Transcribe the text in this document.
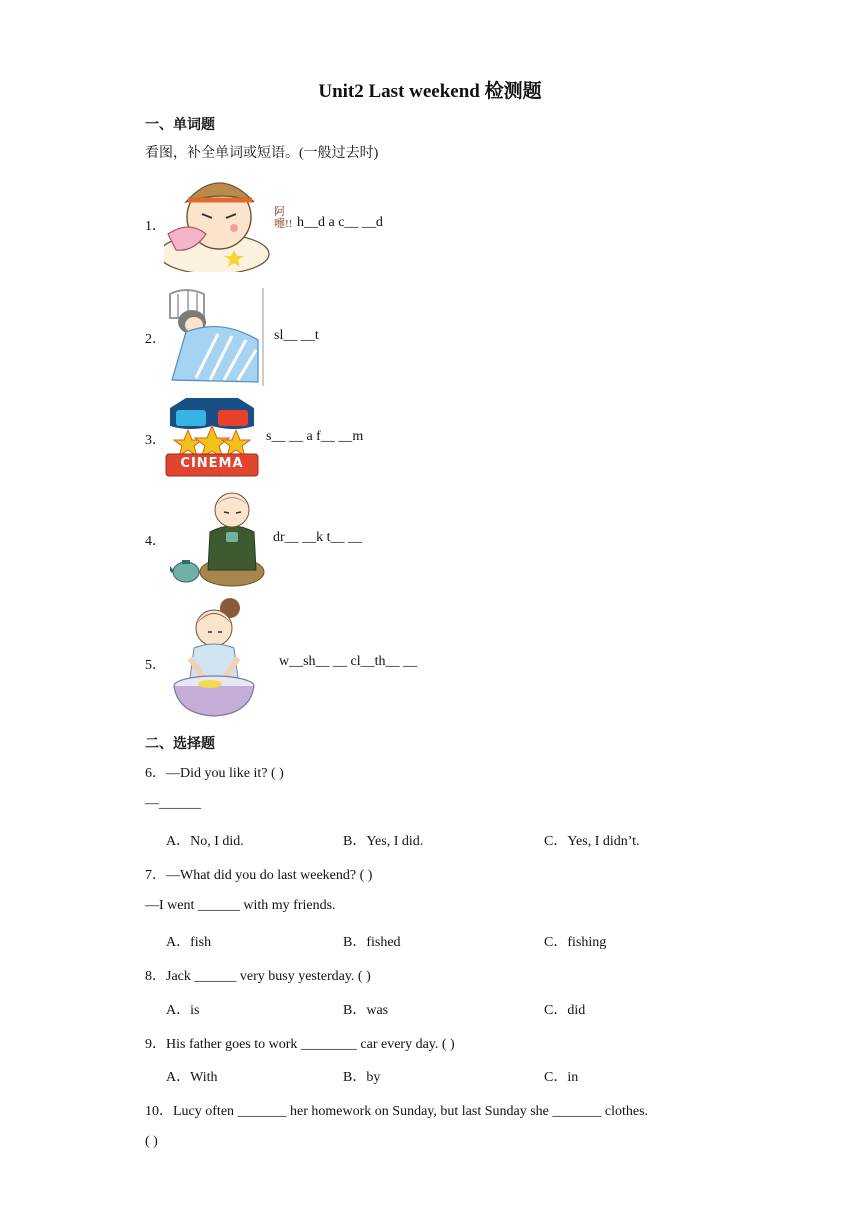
Unit2 Last weekend 检测题
一、单词题
看图，补全单词或短语。(一般过去时)
1．
阿嚏!! h__d a c__ __d
2．	sl__ __t
3．
CINEMA
s__ __ a f__ __m
4．	dr__ __k t__ __
5．	w__sh__ __ cl__th__ __
二、选择题
6．—Did you like it? ( )
—______
A．No, I did.	B．Yes, I did.	C．Yes, I didn’t.
7．—What did you do last weekend? ( )
—I went ______ with my friends.
A．fish	B．fished	C．fishing
8．Jack ______ very busy yesterday. ( )
A．is	B．was	C．did
9．His father goes to work ________ car every day. ( )
A．With	B．by	C．in
10．Lucy often _______ her homework on Sunday, but last Sunday she _______ clothes.
( )
